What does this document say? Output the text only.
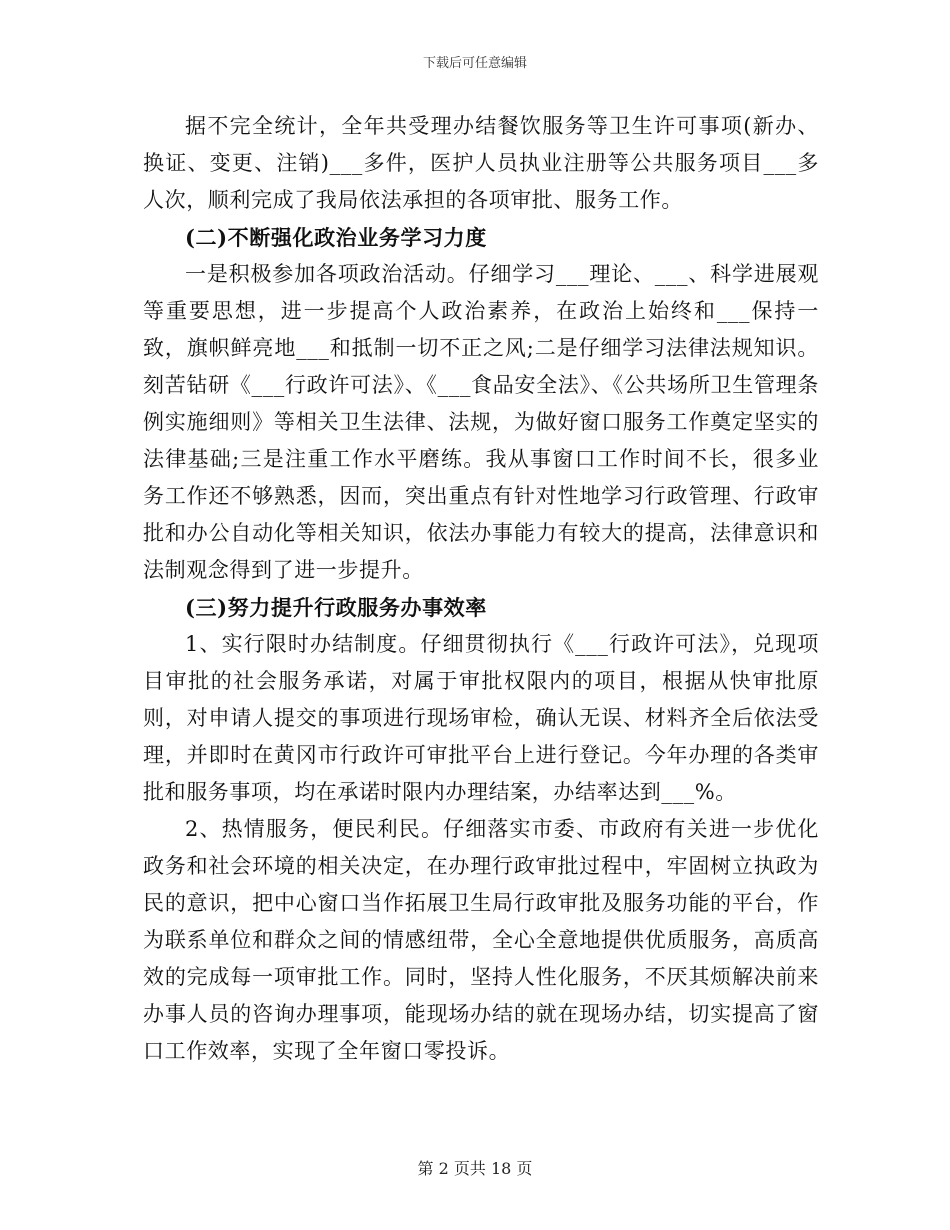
下载后可任意编辑

据不完全统计，全年共受理办结餐饮服务等卫生许可事项(新办、换证、变更、注销)___多件，医护人员执业注册等公共服务项目___多人次，顺利完成了我局依法承担的各项审批、服务工作。

(二)不断强化政治业务学习力度

一是积极参加各项政治活动。仔细学习___理论、___、科学进展观等重要思想，进一步提高个人政治素养，在政治上始终和___保持一致，旗帜鲜亮地___和抵制一切不正之风;二是仔细学习法律法规知识。刻苦钻研《___行政许可法》、《___食品安全法》、《公共场所卫生管理条例实施细则》等相关卫生法律、法规，为做好窗口服务工作奠定坚实的法律基础;三是注重工作水平磨练。我从事窗口工作时间不长，很多业务工作还不够熟悉，因而，突出重点有针对性地学习行政管理、行政审批和办公自动化等相关知识，依法办事能力有较大的提高，法律意识和法制观念得到了进一步提升。

(三)努力提升行政服务办事效率

1、实行限时办结制度。仔细贯彻执行《___行政许可法》，兑现项目审批的社会服务承诺，对属于审批权限内的项目，根据从快审批原则，对申请人提交的事项进行现场审检，确认无误、材料齐全后依法受理，并即时在黄冈市行政许可审批平台上进行登记。今年办理的各类审批和服务事项，均在承诺时限内办理结案，办结率达到___%。

2、热情服务，便民利民。仔细落实市委、市政府有关进一步优化政务和社会环境的相关决定，在办理行政审批过程中，牢固树立执政为民的意识，把中心窗口当作拓展卫生局行政审批及服务功能的平台，作为联系单位和群众之间的情感纽带，全心全意地提供优质服务，高质高效的完成每一项审批工作。同时，坚持人性化服务，不厌其烦解决前来办事人员的咨询办理事项，能现场办结的就在现场办结，切实提高了窗口工作效率，实现了全年窗口零投诉。

第 2 页共 18 页
